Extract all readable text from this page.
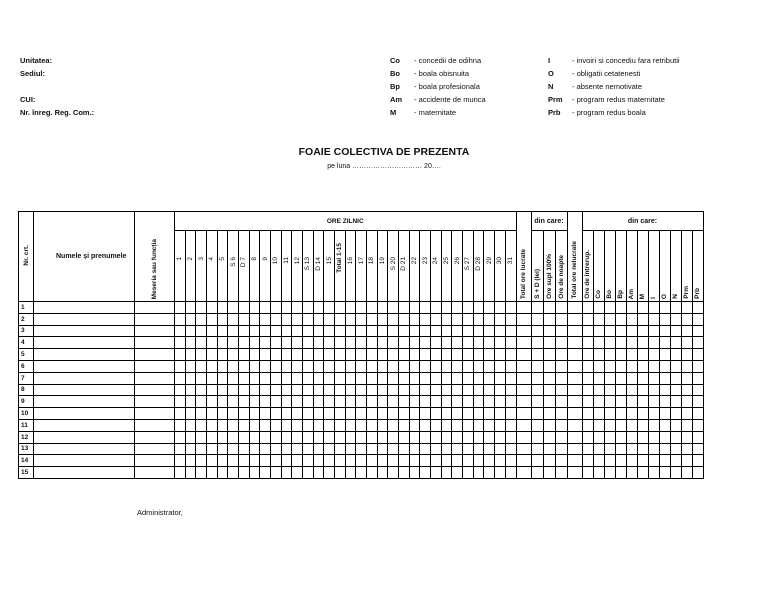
Unitatea:
Sediul:

CUI:
Nr. înreg. Reg. Com.:
Co - concedii de odihna
Bo - boala obisnuita
Bp - boala profesionala
Am - accidente de munca
M - maternitate
I	- invoiri si concediu fara retributii
O - obligatii cetatenesti
N - absente nemotivate
Prm - program redus maternitate
Prb - program redus boala
FOAIE COLECTIVA DE PREZENTA
pe luna ………………………… 20….
Nr. crt.	Numele și prenumele	Meseria sau funcția	ORE ZILNIC																																Total ore lucrate	din care:			Total ore nelucrate	din care:										

			1	2	3	4	5	S 6	D 7	8	9	10	11	12	S 13	D 14	15	Total 1-15	16	17	18	19	S 20	D 21	22	23	24	25	26	S 27	D 28	29	30	31		S + D (lei)	Ore supl 100%	Ore de noapte		Ore de întrerup.	Co	Bo	Bp	Am	M	I	O	N	Prm	Prb

1																																																		
2																																																		
3																																																		
4																																																		
5																																																		
6																																																		
7																																																		
8																																																		
9																																																		
10																																																		
11																																																		
12																																																		
13																																																		
14																																																		
15																																																		
Administrator,
